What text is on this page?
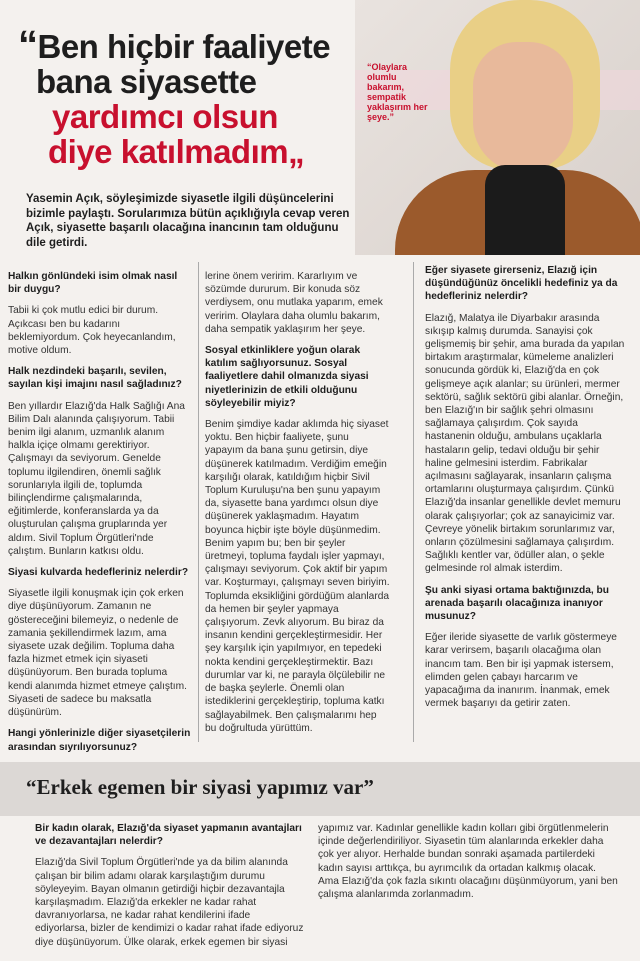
“Ben hiçbir faaliyete
bana siyasette
yardımcı olsun
diye katılmadım„
Yasemin Açık, söyleşimizde siyasetle ilgili düşüncelerini bizimle paylaştı. Sorularımıza bütün açıklığıyla cevap veren Açık, siyasette başarılı olacağına inancının tam olduğunu dile getirdi.
“Olaylara olumlu bakarım, sempatik yaklaşırım her şeye.”

Halkın gönlündeki isim olmak nasıl bir duygu?

Tabii ki çok mutlu edici bir durum. Açıkcası ben bu kadarını beklemiyordum. Çok heyecanlandım, motive oldum.

Halk nezdindeki başarılı, sevilen, sayılan kişi imajını nasıl sağladınız?

Ben yıllardır Elazığ'da Halk Sağlığı Ana Bilim Dalı alanında çalışıyorum. Tabii benim ilgi alanım, uzmanlık alanım halkla içiçe olmamı gerektiriyor. Çalışmayı da seviyorum. Genelde toplumu ilgilendiren, önemli sağlık sorunlarıyla ilgili de, toplumda bilinçlendirme çalışmalarında, eğitimlerde, konferanslarda ya da oluşturulan çalışma gruplarında yer aldım. Sivil Toplum Örgütleri'nde çalıştım. Bunların katkısı oldu.

Siyasi kulvarda hedefleriniz nelerdir?

Siyasetle ilgili konuşmak için çok erken diye düşünüyorum. Zamanın ne göstereceğini bilemeyiz, o nedenle de zamania şekillendirmek lazım, ama siyasete uzak değilim. Topluma daha fazla hizmet etmek için siyaseti düşünüyorum. Ben burada topluma kendi alanımda hizmet etmeye çalıştım. Siyaseti de sadece bu maksatla düşünürüm.

Hangi yönlerinizle diğer siyasetçilerin arasından sıyrılıyorsunuz?

lerine önem veririm. Kararlıyım ve sözümde dururum. Bir konuda söz verdiysem, onu mutlaka yaparım, emek veririm. Olaylara daha olumlu bakarım, daha sempatik yaklaşırım her şeye.

Sosyal etkinliklere yoğun olarak katılım sağlıyorsunuz. Sosyal faaliyetlere dahil olmanızda siyasi niyetlerinizin de etkili olduğunu söyleyebilir miyiz?

Benim şimdiye kadar aklımda hiç siyaset yoktu. Ben hiçbir faaliyete, şunu yapayım da bana şunu getirsin, diye düşünerek katılmadım. Verdiğim emeğin karşılığı olarak, katıldığım hiçbir Sivil Toplum Kuruluşu'na ben şunu yapayım da, siyasette bana yardımcı olsun diye düşünerek yaklaşmadım. Hayatım boyunca hiçbir işte böyle düşünmedim. Benim yapım bu; ben bir şeyler üretmeyi, topluma faydalı işler yapmayı, çalışmayı seviyorum. Çok aktif bir yapım var. Koşturmayı, çalışmayı seven biriyim. Toplumda eksikliğini gördüğüm alanlarda da hemen bir şeyler yapmaya çalışıyorum. Zevk alıyorum. Bu biraz da insanın kendini gerçekleştirmesidir. Her şey karşılık için yapılmıyor, en tepedeki nokta kendini gerçekleştirmektir. Bazı durumlar var ki, ne parayla ölçülebilir ne de başka şeylerle. Önemli olan istediklerini gerçekleştirip, topluma katkı sağlayabilmek. Ben çalışmalarımı hep bu doğrultuda yürüttüm.

Eğer siyasete girerseniz, Elazığ için düşündüğünüz öncelikli hedefiniz ya da hedefleriniz nelerdir?

Elazığ, Malatya ile Diyarbakır arasında sıkışıp kalmış durumda. Sanayisi çok gelişmemiş bir şehir, ama burada da yapılan birtakım araştırmalar, kümeleme analizleri sonucunda gördük ki, Elazığ'da en çok gelişmeye açık alanlar; su ürünleri, mermer sektörü, sağlık sektörü gibi alanlar. Örneğin, ben Elazığ'ın bir sağlık şehri olmasını sağlamaya çalışırdım. Çok sayıda hastanenin olduğu, ambulans uçaklarla hastaların gelip, tedavi olduğu bir şehir haline gelmesini isterdim. Fabrikalar açılmasını sağlayarak, insanların çalışma ortamlarını oluşturmaya çalışırdım. Çünkü Elazığ'da insanlar genellikle devlet memuru olarak çalışıyorlar; çok az sanayicimiz var. Çevreye yönelik birtakım sorunlarımız var, onların çözülmesini sağlamaya çalışırdım. Sağlıklı kentler var, ödüller alan, o şekle gelmesinde rol almak isterdim.

Şu anki siyasi ortama baktığınızda, bu arenada başarılı olacağınıza inanıyor musunuz?

Eğer ileride siyasette de varlık göstermeye karar verirsem, başarılı olacağıma olan inancım tam. Ben bir işi yapmak istersem, elimden gelen çabayı harcarım ve yapacağıma da inanırım. İnanmak, emek vermek başarıyı da getirir zaten.

“Erkek egemen bir siyasi yapımız var”

Bir kadın olarak, Elazığ'da siyaset yapmanın avantajları ve dezavantajları nelerdir?

Elazığ'da Sivil Toplum Örgütleri'nde ya da bilim alanında çalışan bir bilim adamı olarak karşılaştığım durumu söyleyeyim. Bayan olmanın getirdiği hiçbir dezavantajla karşılaşmadım. Elazığ'da erkekler ne kadar rahat davranıyorlarsa, ne kadar rahat kendilerini ifade ediyorlarsa, bizler de kendimizi o kadar rahat ifade ediyoruz diye düşünüyorum. Ülke olarak, erkek egemen bir siyasi

yapımız var. Kadınlar genellikle kadın kolları gibi örgütlenmelerin içinde değerlendiriliyor. Siyasetin tüm alanlarında erkekler daha çok yer alıyor. Herhalde bundan sonraki aşamada partilerdeki kadın sayısı arttıkça, bu ayrımcılık da ortadan kalkmış olacak. Ama Elazığ'da çok fazla sıkıntı olacağını düşünmüyorum, yani ben çalışma alanlarımda zorlanmadım.
